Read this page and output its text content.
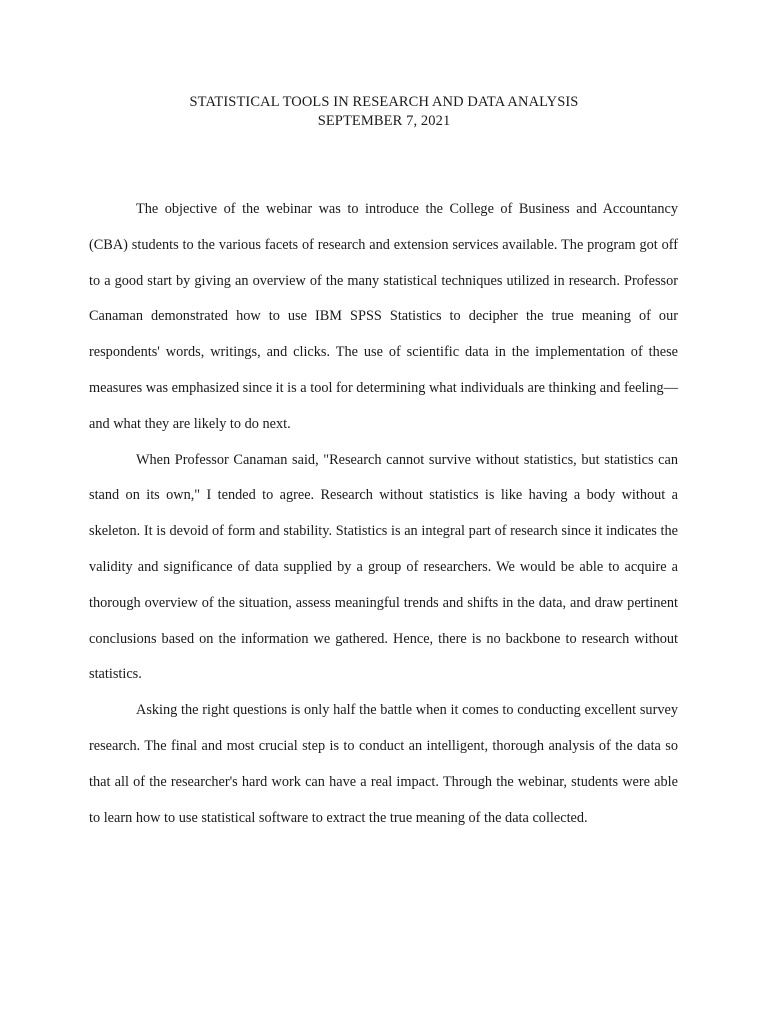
STATISTICAL TOOLS IN RESEARCH AND DATA ANALYSIS
SEPTEMBER 7, 2021

The objective of the webinar was to introduce the College of Business and Accountancy (CBA) students to the various facets of research and extension services available. The program got off to a good start by giving an overview of the many statistical techniques utilized in research. Professor Canaman demonstrated how to use IBM SPSS Statistics to decipher the true meaning of our respondents' words, writings, and clicks. The use of scientific data in the implementation of these measures was emphasized since it is a tool for determining what individuals are thinking and feeling—and what they are likely to do next.

When Professor Canaman said, "Research cannot survive without statistics, but statistics can stand on its own," I tended to agree. Research without statistics is like having a body without a skeleton. It is devoid of form and stability. Statistics is an integral part of research since it indicates the validity and significance of data supplied by a group of researchers. We would be able to acquire a thorough overview of the situation, assess meaningful trends and shifts in the data, and draw pertinent conclusions based on the information we gathered. Hence, there is no backbone to research without statistics.

Asking the right questions is only half the battle when it comes to conducting excellent survey research. The final and most crucial step is to conduct an intelligent, thorough analysis of the data so that all of the researcher's hard work can have a real impact. Through the webinar, students were able to learn how to use statistical software to extract the true meaning of the data collected.
